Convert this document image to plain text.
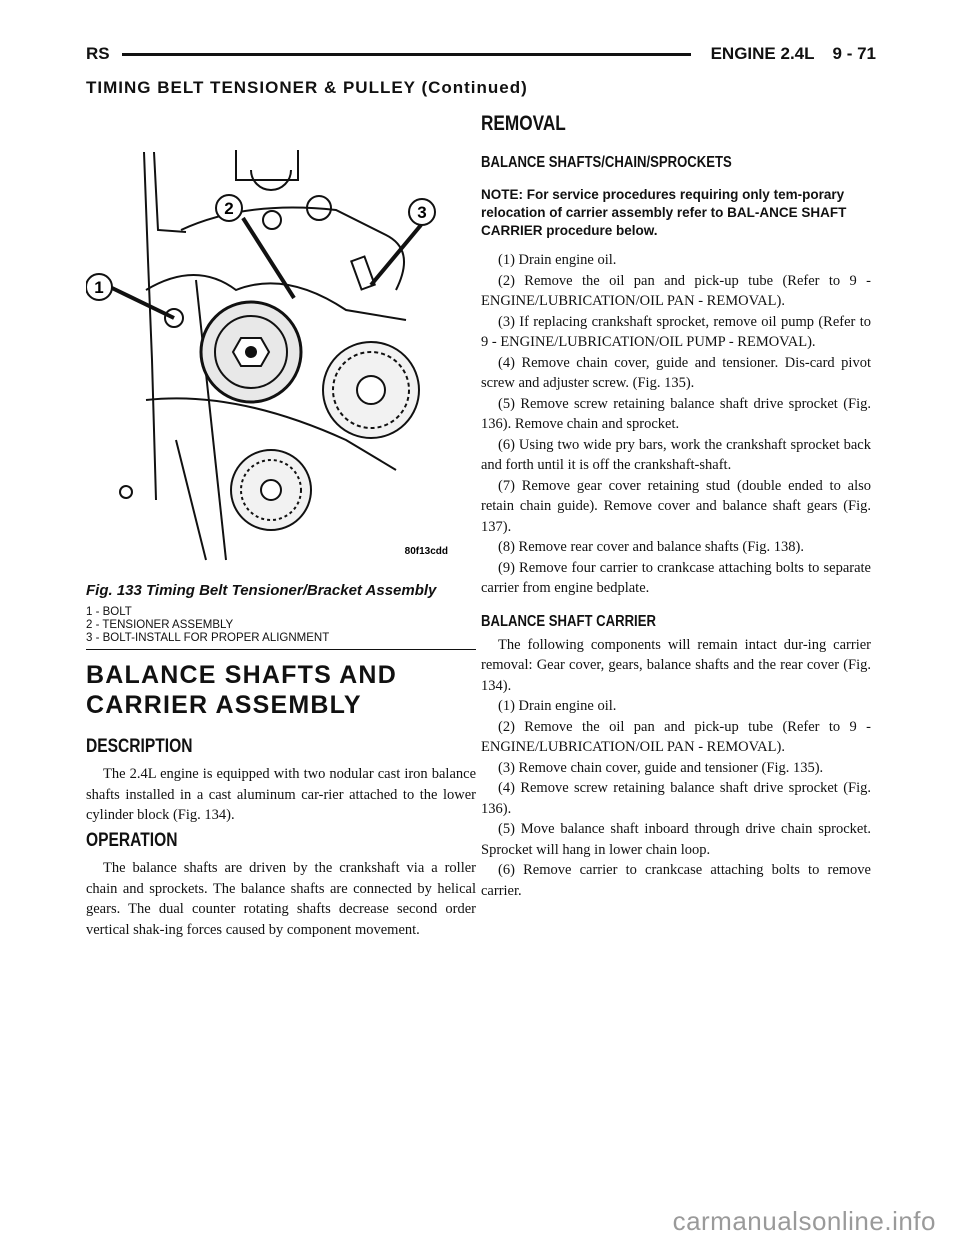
RS	ENGINE 2.4L 9 - 71
TIMING BELT TENSIONER & PULLEY (Continued)
1
2	3
80f13cdd
Fig. 133 Timing Belt Tensioner/Bracket Assembly
1 - BOLT
2 - TENSIONER ASSEMBLY
3 - BOLT-INSTALL FOR PROPER ALIGNMENT
BALANCE SHAFTS AND
CARRIER ASSEMBLY
DESCRIPTION

The 2.4L engine is equipped with two nodular cast iron balance shafts installed in a cast aluminum car-rier attached to the lower cylinder block (Fig. 134).

OPERATION

The balance shafts are driven by the crankshaft via a roller chain and sprockets. The balance shafts are connected by helical gears. The dual counter rotating shafts decrease second order vertical shak-ing forces caused by component movement.

REMOVAL
BALANCE SHAFTS/CHAIN/SPROCKETS

NOTE: For service procedures requiring only tem-porary relocation of carrier assembly refer to BAL-ANCE SHAFT CARRIER procedure below.

(1) Drain engine oil.

(2) Remove the oil pan and pick-up tube (Refer to 9 - ENGINE/LUBRICATION/OIL PAN - REMOVAL).

(3) If replacing crankshaft sprocket, remove oil pump (Refer to 9 - ENGINE/LUBRICATION/OIL PUMP - REMOVAL).

(4) Remove chain cover, guide and tensioner. Dis-card pivot screw and adjuster screw. (Fig. 135).

(5) Remove screw retaining balance shaft drive sprocket (Fig. 136). Remove chain and sprocket.

(6) Using two wide pry bars, work the crankshaft sprocket back and forth until it is off the crankshaft-shaft.

(7) Remove gear cover retaining stud (double ended to also retain chain guide). Remove cover and balance shaft gears (Fig. 137).

(8) Remove rear cover and balance shafts (Fig. 138).

(9) Remove four carrier to crankcase attaching bolts to separate carrier from engine bedplate.

BALANCE SHAFT CARRIER

The following components will remain intact dur-ing carrier removal: Gear cover, gears, balance shafts and the rear cover (Fig. 134).

(1) Drain engine oil.

(2) Remove the oil pan and pick-up tube (Refer to 9 - ENGINE/LUBRICATION/OIL PAN - REMOVAL).

(3) Remove chain cover, guide and tensioner (Fig. 135).

(4) Remove screw retaining balance shaft drive sprocket (Fig. 136).

(5) Move balance shaft inboard through drive chain sprocket. Sprocket will hang in lower chain loop.

(6) Remove carrier to crankcase attaching bolts to remove carrier.

carmanualsonline.info
